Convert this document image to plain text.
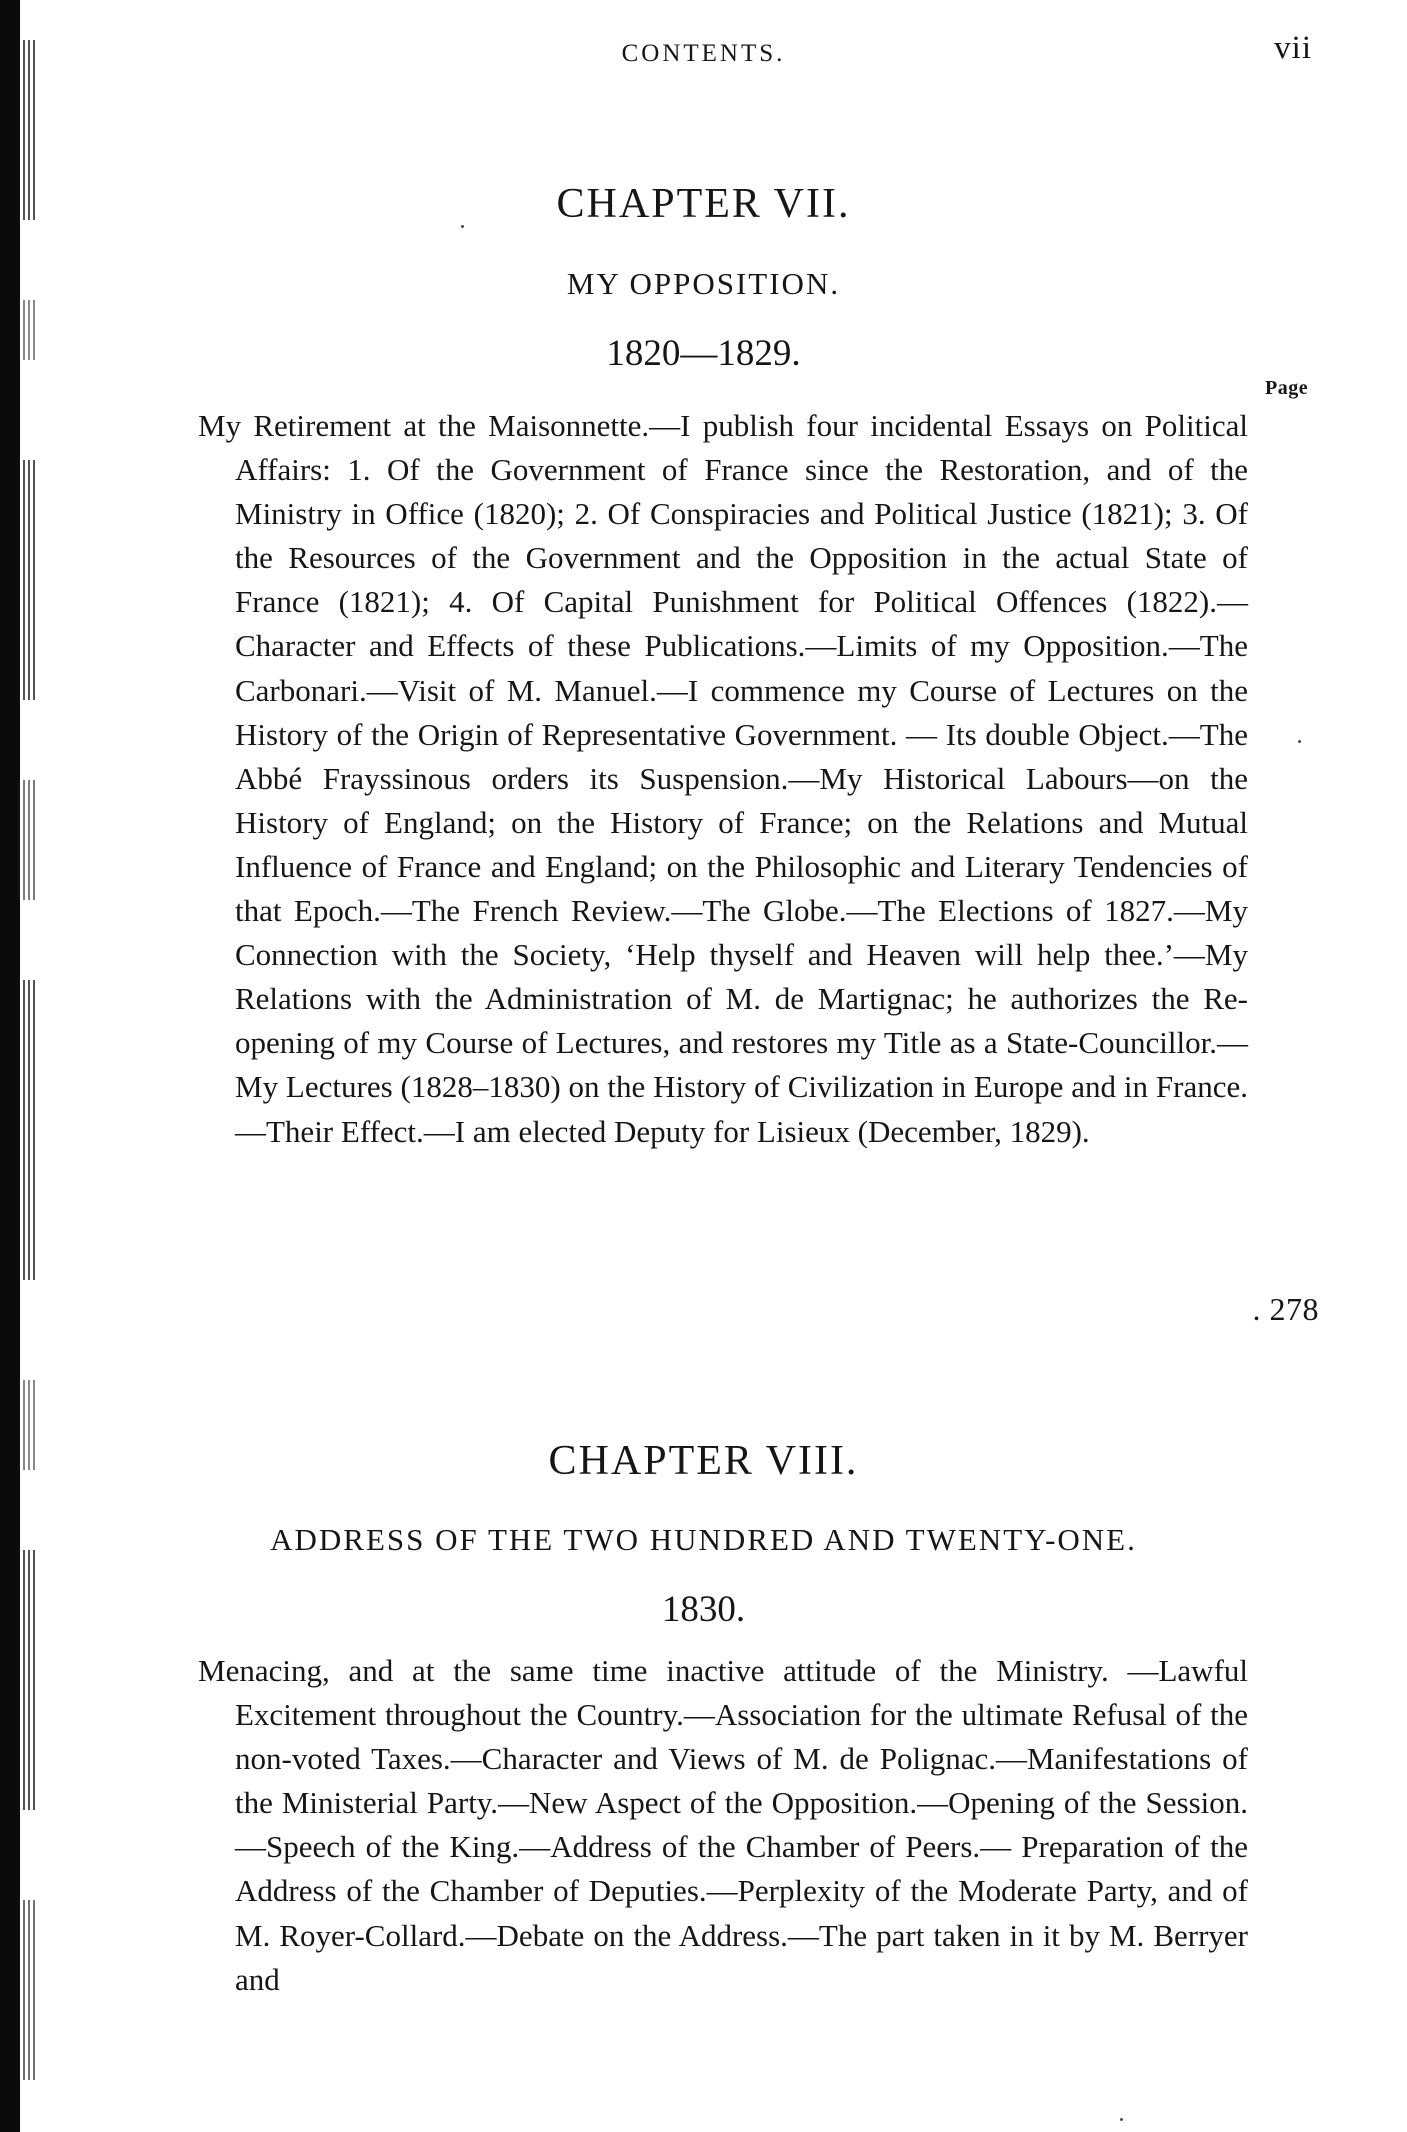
CONTENTS.	vii
CHAPTER VII.
MY OPPOSITION.
1820—1829.
Page

My Retirement at the Maisonnette.—I publish four incidental Essays on Political Affairs: 1. Of the Government of France since the Restoration, and of the Ministry in Office (1820); 2. Of Conspiracies and Political Justice (1821); 3. Of the Resources of the Government and the Opposition in the actual State of France (1821); 4. Of Capital Punishment for Political Offences (1822).—Character and Effects of these Publications.—Limits of my Opposition.—The Carbonari.—Visit of M. Manuel.—I commence my Course of Lectures on the History of the Origin of Representative Government. — Its double Object.—The Abbé Frayssinous orders its Suspension.—My Historical Labours—on the History of England; on the History of France; on the Relations and Mutual Influence of France and England; on the Philosophic and Literary Tendencies of that Epoch.—The French Review.—The Globe.—The Elections of 1827.—My Connection with the Society, ‘Help thyself and Heaven will help thee.’—My Relations with the Administration of M. de Martignac; he authorizes the Re-opening of my Course of Lectures, and restores my Title as a State-Councillor.—My Lectures (1828–1830) on the History of Civilization in Europe and in France.—Their Effect.—I am elected Deputy for Lisieux (December, 1829).

. 278
CHAPTER VIII.
ADDRESS OF THE TWO HUNDRED AND TWENTY-ONE.
1830.

Menacing, and at the same time inactive attitude of the Ministry. —Lawful Excitement throughout the Country.—Association for the ultimate Refusal of the non-voted Taxes.—Character and Views of M. de Polignac.—Manifestations of the Ministerial Party.—New Aspect of the Opposition.—Opening of the Session. —Speech of the King.—Address of the Chamber of Peers.— Preparation of the Address of the Chamber of Deputies.—Perplexity of the Moderate Party, and of M. Royer-Collard.—Debate on the Address.—The part taken in it by M. Berryer and
